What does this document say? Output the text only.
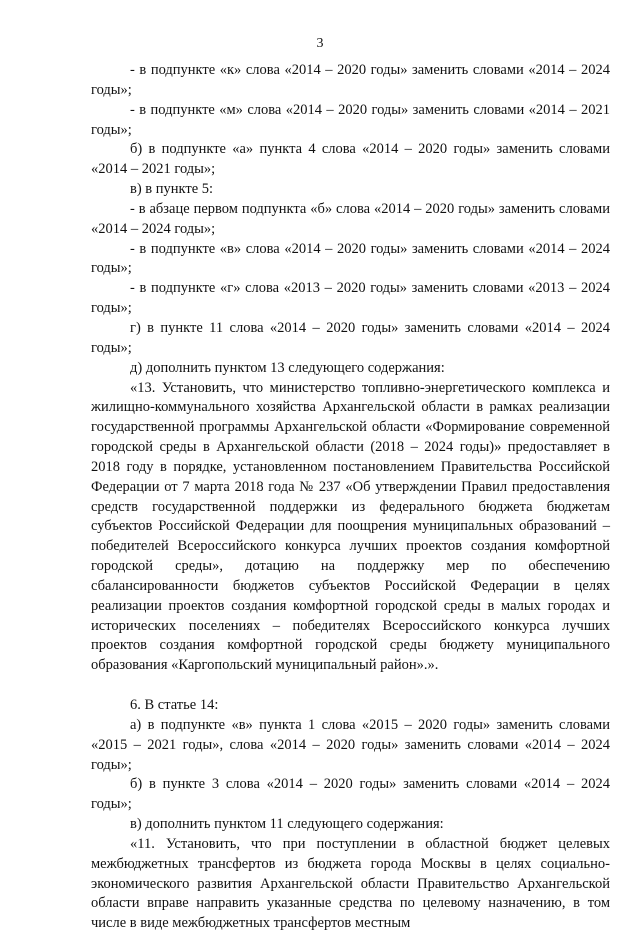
3

- в подпункте «к» слова «2014 – 2020 годы» заменить словами «2014 – 2024 годы»;

- в подпункте «м» слова «2014 – 2020 годы» заменить словами «2014 – 2021 годы»;

б) в подпункте «а» пункта 4 слова «2014 – 2020 годы» заменить словами «2014 – 2021 годы»;

в) в пункте 5:

- в абзаце первом подпункта «б» слова «2014 – 2020 годы» заменить словами «2014 – 2024 годы»;

- в подпункте «в» слова «2014 – 2020 годы» заменить словами «2014 – 2024 годы»;

- в подпункте «г» слова «2013 – 2020 годы» заменить словами «2013 – 2024 годы»;

г) в пункте 11 слова «2014 – 2020 годы» заменить словами «2014 – 2024 годы»;

д) дополнить пунктом 13 следующего содержания:

«13. Установить, что министерство топливно-энергетического комплекса и жилищно-коммунального хозяйства Архангельской области в рамках реализации государственной программы Архангельской области «Формирование современной городской среды в Архангельской области (2018 – 2024 годы)» предоставляет в 2018 году в порядке, установленном постановлением Правительства Российской Федерации от 7 марта 2018 года № 237 «Об утверждении Правил предоставления средств государственной поддержки из федерального бюджета бюджетам субъектов Российской Федерации для поощрения муниципальных образований – победителей Всероссийского конкурса лучших проектов создания комфортной городской среды», дотацию на поддержку мер по обеспечению сбалансированности бюджетов субъектов Российской Федерации в целях реализации проектов создания комфортной городской среды в малых городах и исторических поселениях – победителях Всероссийского конкурса лучших проектов создания комфортной городской среды бюджету муниципального образования «Каргопольский муниципальный район».».

6. В статье 14:

а) в подпункте «в» пункта 1 слова «2015 – 2020 годы» заменить словами «2015 – 2021 годы», слова «2014 – 2020 годы» заменить словами «2014 – 2024 годы»;

б) в пункте 3 слова «2014 – 2020 годы» заменить словами «2014 – 2024 годы»;

в) дополнить пунктом 11 следующего содержания:

«11. Установить, что при поступлении в областной бюджет целевых межбюджетных трансфертов из бюджета города Москвы в целях социально-экономического развития Архангельской области Правительство Архангельской области вправе направить указанные средства по целевому назначению, в том числе в виде межбюджетных трансфертов местным
